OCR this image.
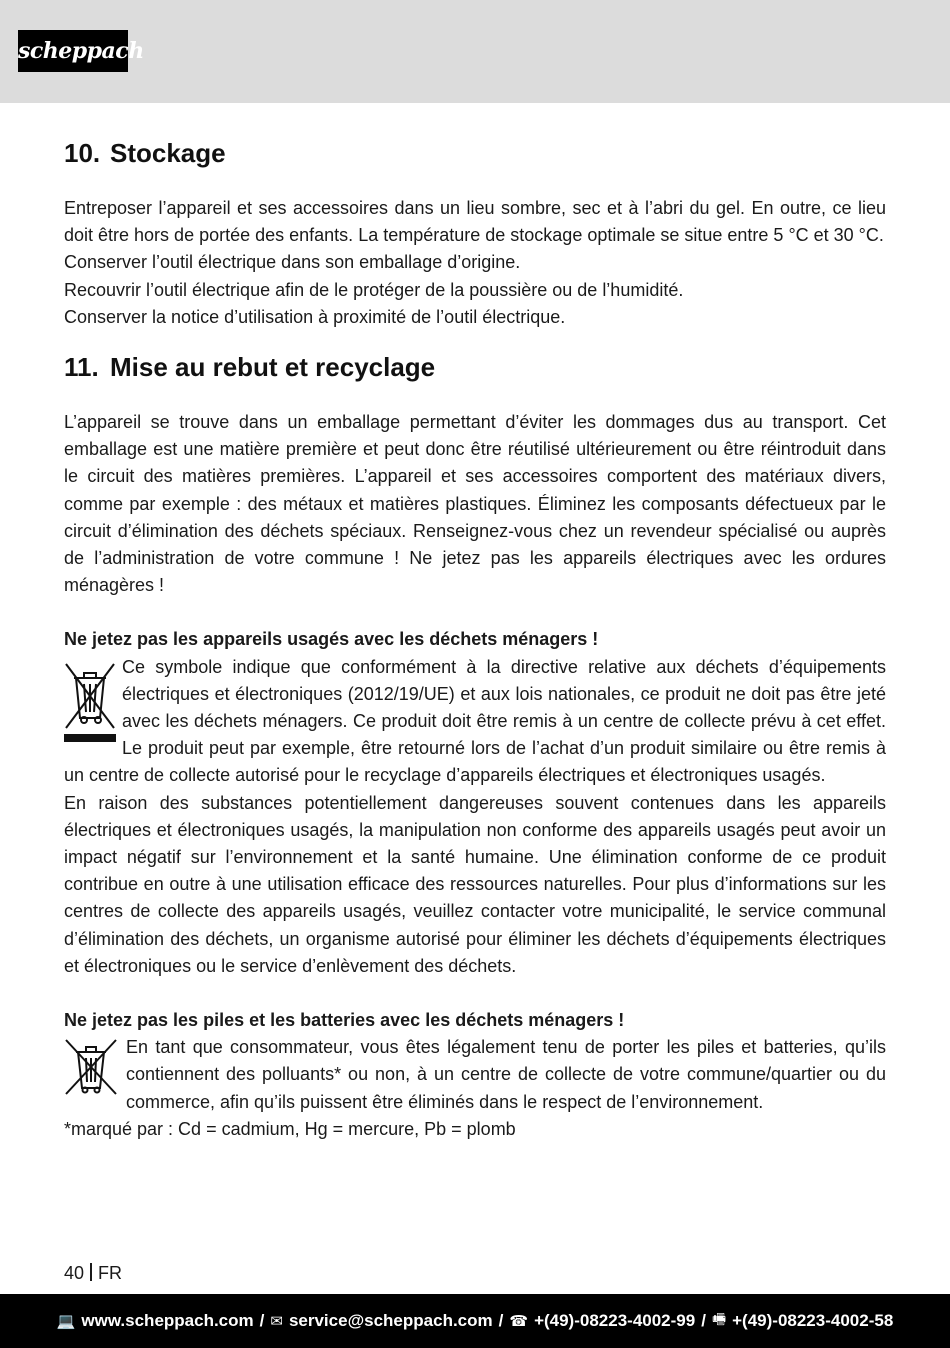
scheppach
10. Stockage

Entreposer l’appareil et ses accessoires dans un lieu sombre, sec et à l’abri du gel. En outre, ce lieu doit être hors de portée des enfants. La température de stockage optimale se situe entre 5 °C et 30 °C.

Conserver l’outil électrique dans son emballage d’origine.

Recouvrir l’outil électrique afin de le protéger de la poussière ou de l’humidité.

Conserver la notice d’utilisation à proximité de l’outil électrique.

11. Mise au rebut et recyclage

L’appareil se trouve dans un emballage permettant d’éviter les dommages dus au transport. Cet emballage est une matière première et peut donc être réutilisé ultérieurement ou être réintroduit dans le circuit des matières premières. L’appareil et ses accessoires comportent des matériaux divers, comme par exemple : des métaux et matières plastiques. Éliminez les composants défectueux par le circuit d’élimination des déchets spéciaux. Renseignez-vous chez un revendeur spécialisé ou auprès de l’administration de votre commune ! Ne jetez pas les appareils électriques avec les ordures ménagères !

Ne jetez pas les appareils usagés avec les déchets ménagers !

Ce symbole indique que conformément à la directive relative aux déchets d’équipements électriques et électroniques (2012/19/UE) et aux lois nationales, ce produit ne doit pas être jeté avec les déchets ménagers. Ce produit doit être remis à un centre de collecte prévu à cet effet. Le produit peut par exemple, être retourné lors de l’achat d’un produit similaire ou être remis à un centre de collecte autorisé pour le recyclage d’appareils électriques et électroniques usagés.

En raison des substances potentiellement dangereuses souvent contenues dans les appareils électriques et électroniques usagés, la manipulation non conforme des appareils usagés peut avoir un impact négatif sur l’environnement et la santé humaine. Une élimination conforme de ce produit contribue en outre à une utilisation efficace des ressources naturelles. Pour plus d’informations sur les centres de collecte des appareils usagés, veuillez contacter votre municipalité, le service communal d’élimination des déchets, un organisme autorisé pour éliminer les déchets d’équipements électriques et électroniques ou le service d’enlèvement des déchets.

Ne jetez pas les piles et les batteries avec les déchets ménagers !

En tant que consommateur, vous êtes légalement tenu de porter les piles et batteries, qu’ils contiennent des polluants* ou non, à un centre de collecte de votre commune/quartier ou du commerce, afin qu’ils puissent être éliminés dans le respect de l’environnement.

*marqué par : Cd = cadmium, Hg = mercure, Pb = plomb

40 FR
💻 www.scheppach.com / ✉ service@scheppach.com / ☎ +(49)-08223-4002-99 / 🖷 +(49)-08223-4002-58
